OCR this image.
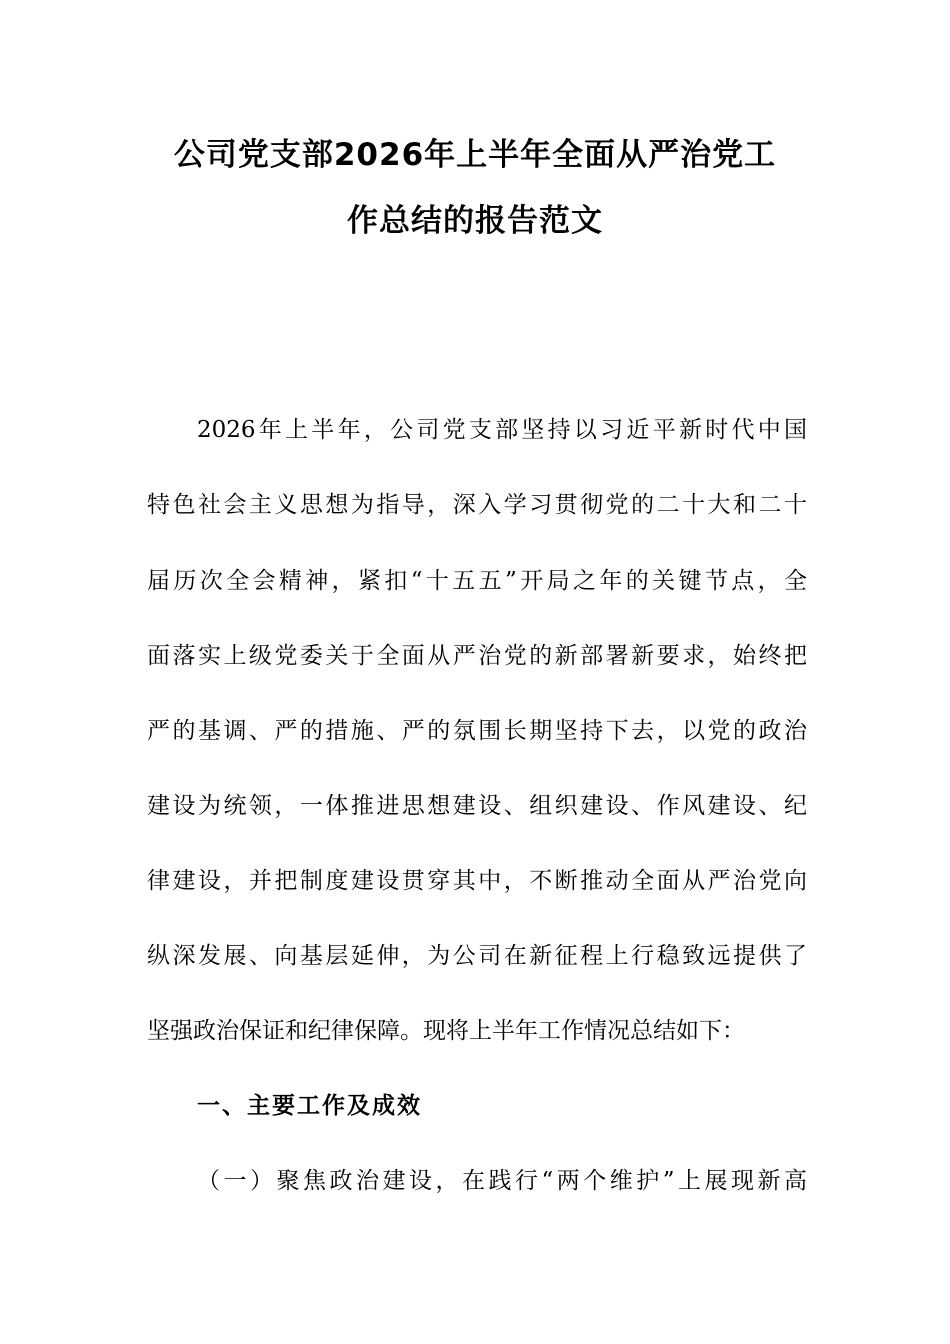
公司党支部2026年上半年全面从严治党工
作总结的报告范文
2026年上半年，公司党支部坚持以习近平新时代中国
特色社会主义思想为指导，深入学习贯彻党的二十大和二十
届历次全会精神，紧扣“十五五”开局之年的关键节点，全
面落实上级党委关于全面从严治党的新部署新要求，始终把
严的基调、严的措施、严的氛围长期坚持下去，以党的政治
建设为统领，一体推进思想建设、组织建设、作风建设、纪
律建设，并把制度建设贯穿其中，不断推动全面从严治党向
纵深发展、向基层延伸，为公司在新征程上行稳致远提供了
坚强政治保证和纪律保障。现将上半年工作情况总结如下：
一、主要工作及成效
（一）聚焦政治建设，在践行“两个维护”上展现新高
